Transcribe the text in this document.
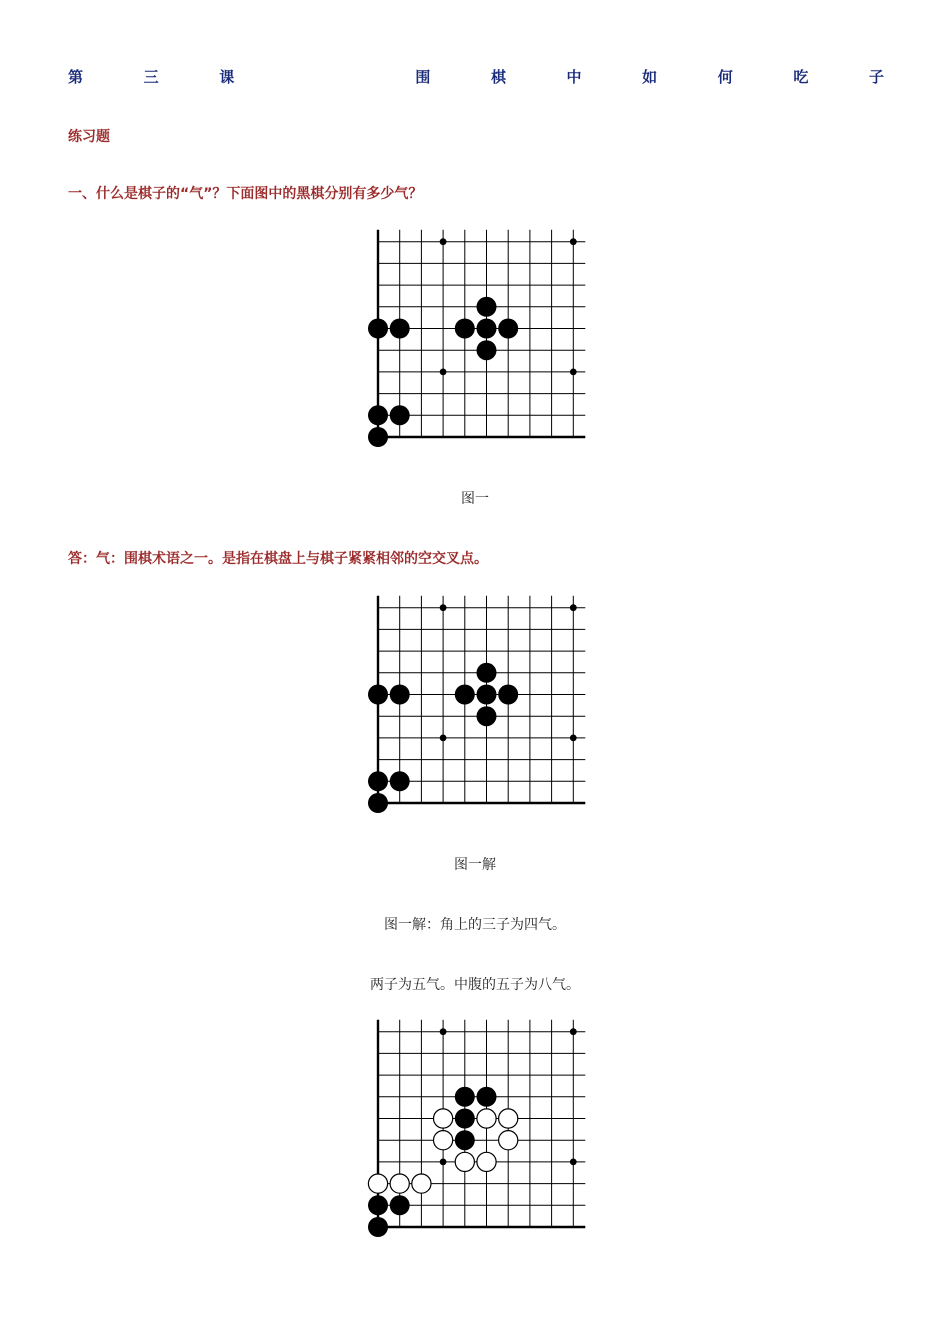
第	三	课	围	棋	中	如	何	吃	子
练习题
一、什么是棋子的“气”？下面图中的黑棋分别有多少气？
图一
答：气：围棋术语之一。是指在棋盘上与棋子紧紧相邻的空交叉点。
图一解
图一解：角上的三子为四气。
两子为五气。中腹的五子为八气。
